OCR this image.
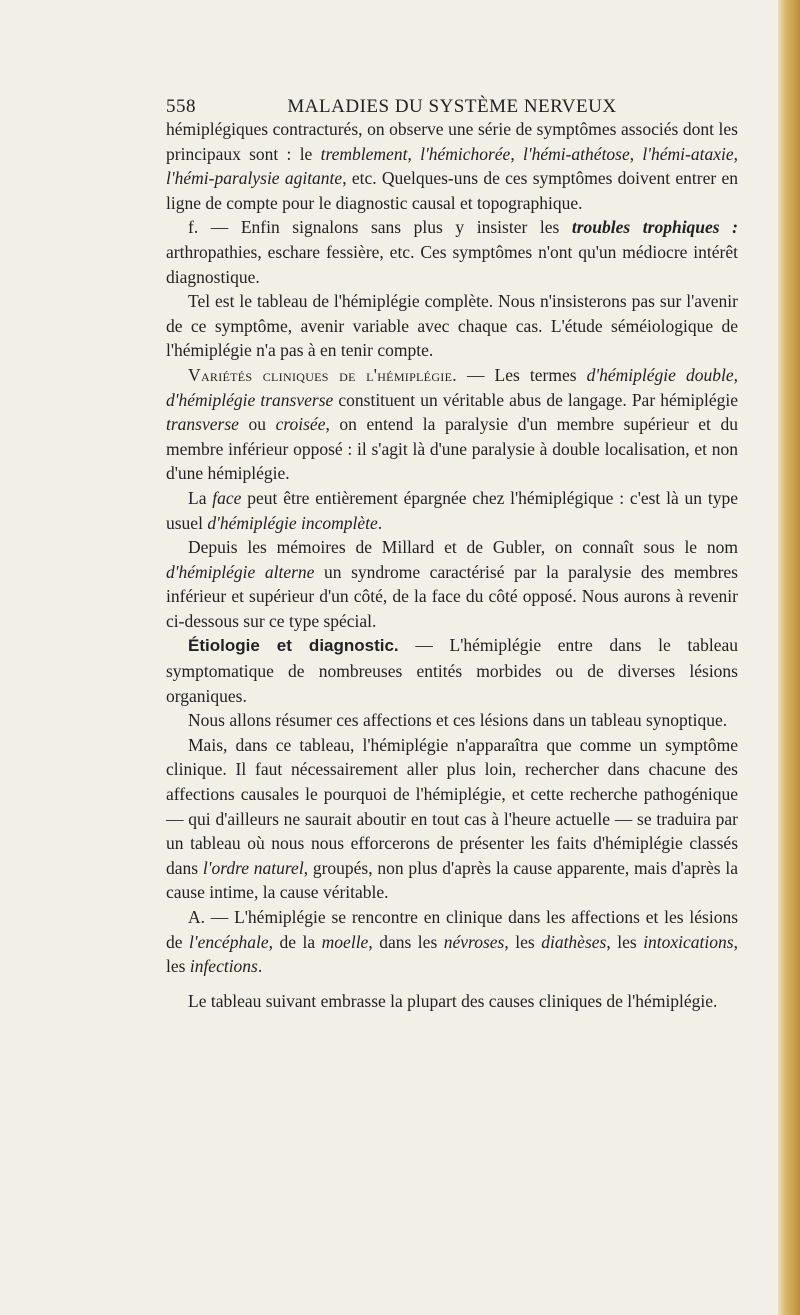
558	MALADIES DU SYSTÈME NERVEUX

hémiplégiques contracturés, on observe une série de symptômes associés dont les principaux sont : le tremblement, l'hémichorée, l'hémi-athétose, l'hémi-ataxie, l'hémi-paralysie agitante, etc. Quelques-uns de ces symptômes doivent entrer en ligne de compte pour le diagnostic causal et topographique.

f. — Enfin signalons sans plus y insister les troubles trophiques : arthropathies, eschare fessière, etc. Ces symptômes n'ont qu'un médiocre intérêt diagnostique.

Tel est le tableau de l'hémiplégie complète. Nous n'insisterons pas sur l'avenir de ce symptôme, avenir variable avec chaque cas. L'étude séméiologique de l'hémiplégie n'a pas à en tenir compte.

Variétés cliniques de l'hémiplégie. — Les termes d'hémiplégie double, d'hémiplégie transverse constituent un véritable abus de langage. Par hémiplégie transverse ou croisée, on entend la paralysie d'un membre supérieur et du membre inférieur opposé : il s'agit là d'une paralysie à double localisation, et non d'une hémiplégie.

La face peut être entièrement épargnée chez l'hémiplégique : c'est là un type usuel d'hémiplégie incomplète.

Depuis les mémoires de Millard et de Gubler, on connaît sous le nom d'hémiplégie alterne un syndrome caractérisé par la paralysie des membres inférieur et supérieur d'un côté, de la face du côté opposé. Nous aurons à revenir ci-dessous sur ce type spécial.

Étiologie et diagnostic. — L'hémiplégie entre dans le tableau symptomatique de nombreuses entités morbides ou de diverses lésions organiques.

Nous allons résumer ces affections et ces lésions dans un tableau synoptique.

Mais, dans ce tableau, l'hémiplégie n'apparaîtra que comme un symptôme clinique. Il faut nécessairement aller plus loin, rechercher dans chacune des affections causales le pourquoi de l'hémiplégie, et cette recherche pathogénique — qui d'ailleurs ne saurait aboutir en tout cas à l'heure actuelle — se traduira par un tableau où nous nous efforcerons de présenter les faits d'hémiplégie classés dans l'ordre naturel, groupés, non plus d'après la cause apparente, mais d'après la cause intime, la cause véritable.

A. — L'hémiplégie se rencontre en clinique dans les affections et les lésions de l'encéphale, de la moelle, dans les névroses, les diathèses, les intoxications, les infections.

Le tableau suivant embrasse la plupart des causes cliniques de l'hémiplégie.
